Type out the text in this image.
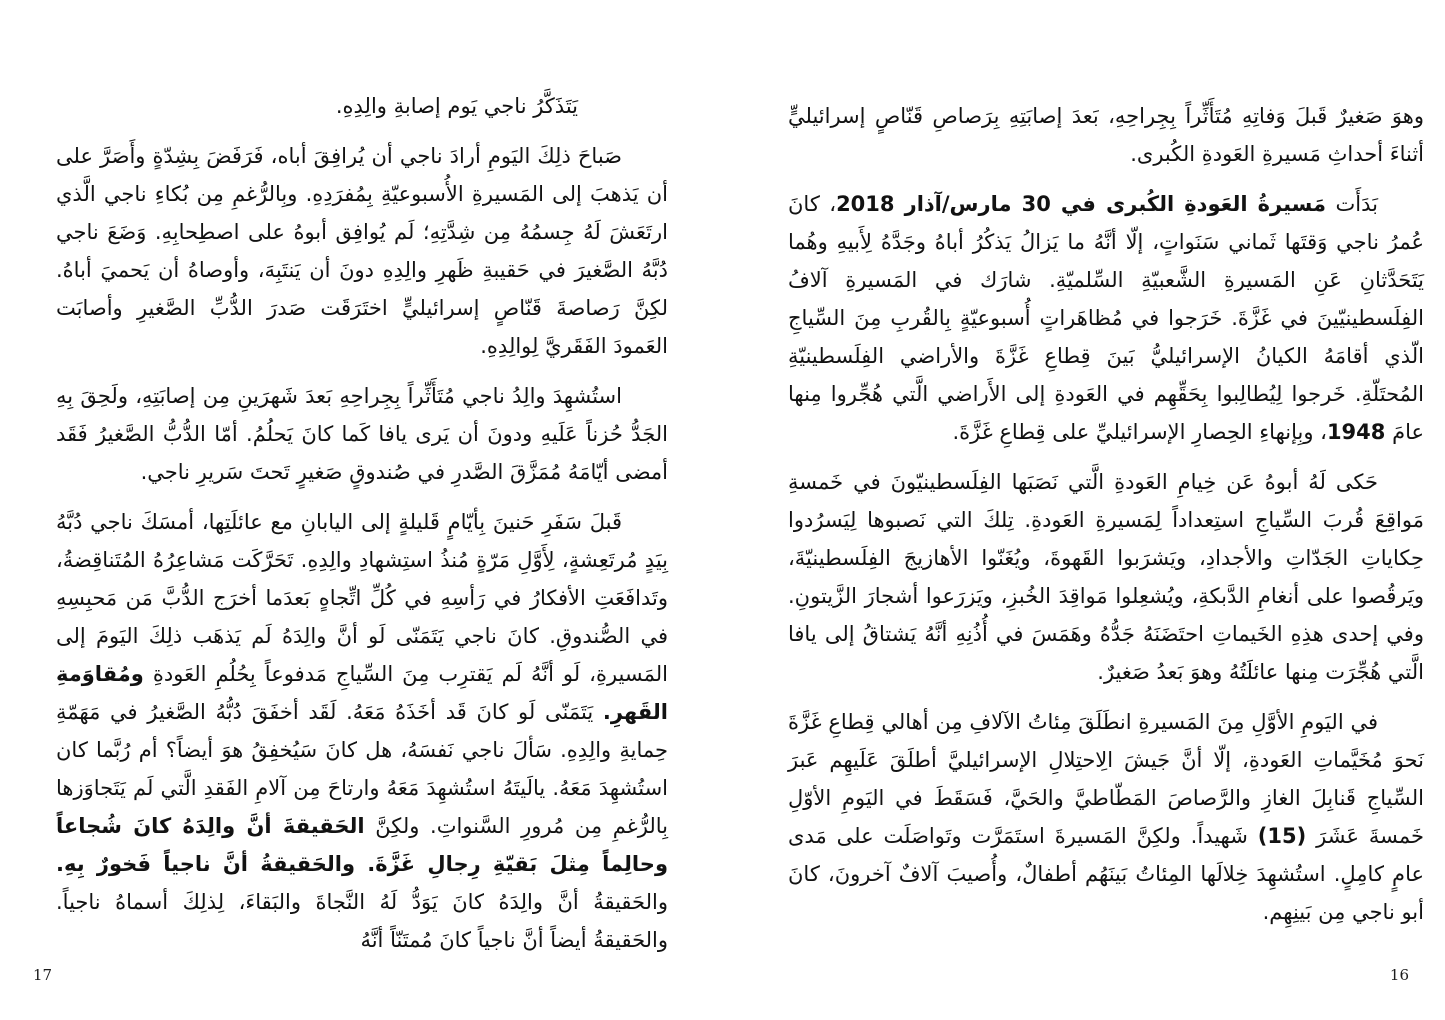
يَتَذَكَّرُ ناجي يَوم إصابةِ والِدِهِ.

صَباحَ ذلِكَ اليَومِ أرادَ ناجي أن يُرافِقَ أباه، فَرَفَضَ بِشِدّةٍ وأَصَرَّ على أن يَذهبَ إلى المَسيرةِ الأُسبوعيّةِ بِمُفرَدِهِ. وبِالرُّغمِ مِن بُكاءِ ناجي الَّذي ارتَعَشَ لَهُ جِسمُهُ مِن شِدَّتِهِ؛ لَم يُوافِق أبوهُ على اصطِحابِهِ. وَضَعَ ناجي دُبَّهُ الصَّغيرَ في حَقيبةِ ظَهرِ والِدِهِ دونَ أن يَنتَبِهَ، وأوصاهُ أن يَحميَ أباهُ. لكِنَّ رَصاصةَ قَنّاصٍ إسرائيليٍّ اختَرَقَت صَدرَ الدُّبِّ الصَّغيرِ وأصابَت العَمودَ الفَقَريَّ لِوالِدِهِ.

استُشهِدَ والِدُ ناجي مُتَأَثِّراً بِجِراحِهِ بَعدَ شَهرَينِ مِن إصابَتِهِ، ولَحِقَ بِهِ الجَدُّ حُزناً عَلَيهِ ودونَ أن يَرى يافا كَما كانَ يَحلُمُ. أمّا الدُّبُّ الصَّغيرُ فَقَد أمضى أيّامَهُ مُمَزَّقَ الصَّدرِ في صُندوقٍ صَغيرٍ تَحتَ سَريرِ ناجي.

قَبلَ سَفَرِ حَنينَ بِأيّامٍ قَليلةٍ إلى اليابانِ مع عائلَتِها، أمسَكَ ناجي دُبَّهُ بِيَدٍ مُرتَعِشةٍ، لِأَوَّلِ مَرّةٍ مُنذُ استِشهادِ والِدِهِ. تَحَرَّكَت مَشاعِرُهُ المُتَناقِضةُ، وتَدافَعَتِ الأفكارُ في رَأسِهِ في كُلِّ اتِّجاهٍ بَعدَما أخرَج الدُّبَّ مَن مَحبِسِهِ في الصُّندوقِ. كانَ ناجي يَتَمَنّى لَو أنَّ والِدَهُ لَم يَذهَب ذلِكَ اليَومَ إلى المَسيرةِ، لَو أنَّهُ لَم يَقترِب مِنَ السِّياجِ مَدفوعاً بِحُلُمِ العَودةِ ومُقاوَمةِ القَهرِ. يَتَمَنّى لَو كانَ قَد أخَذَهُ مَعَهُ. لَقَد أخفَقَ دُبُّهُ الصَّغيرُ في مَهَمّةِ حِمايةِ والِدِهِ. سَألَ ناجي نَفسَهُ، هل كانَ سَيُخفِقُ هوَ أيضاً؟ أم رُبَّما كان استُشهِدَ مَعَهُ. يالَيتَهُ استُشهِدَ مَعَهُ وارتاحَ مِن آلامِ الفَقدِ الَّتي لَم يَتَجاوَزها بِالرُّغمِ مِن مُرورِ السَّنواتِ. ولكِنَّ الحَقيقةَ أنَّ والِدَهُ كانَ شُجاعاً وحالِماً مِثلَ بَقيّةِ رِجالِ غَزَّةَ. والحَقيقةُ أنَّ ناجياً فَخورٌ بِهِ. والحَقيقةُ أنَّ والِدَهُ كانَ يَوَدُّ لَهُ النَّجاةَ والبَقاءَ، لِذلِكَ أسماهُ ناجياً. والحَقيقةُ أيضاً أنَّ ناجياً كانَ مُمتَنّاً أنَّهُ

17

وهوَ صَغيرٌ قَبلَ وَفاتِهِ مُتَأَثِّراً بِجِراحِهِ، بَعدَ إصابَتِهِ بِرَصاصِ قَنّاصٍ إسرائيليٍّ أثناءَ أحداثِ مَسيرةِ العَودةِ الكُبرى.

بَدَأَت مَسيرةُ العَودةِ الكُبرى في 30 مارس/آذار 2018، كانَ عُمرُ ناجي وَقتَها ثَماني سَنَواتٍ، إلّا أنَّهُ ما يَزالُ يَذكُرُ أباهُ وجَدَّهُ لِأَبيهِ وهُما يَتَحَدَّثانِ عَنِ المَسيرةِ الشَّعبيّةِ السِّلميّةِ. شارَك في المَسيرةِ آلافُ الفِلَسطينيّينَ في غَزَّةَ. خَرَجوا في مُظاهَراتٍ أُسبوعيّةٍ بِالقُربِ مِنَ السِّياجِ الّذي أقامَهُ الكيانُ الإسرائيليُّ بَينَ قِطاعِ غَزَّةَ والأراضي الفِلَسطينيّةِ المُحتَلّةِ. خَرجوا لِيُطالِبوا بِحَقِّهِم في العَودةِ إلى الأَراضي الَّتي هُجِّروا مِنها عامَ 1948، وبِإنهاءِ الحِصارِ الإسرائيليِّ على قِطاعِ غَزَّةَ.

حَكى لَهُ أبوهُ عَن خِيامِ العَودةِ الَّتي نَصَبَها الفِلَسطينيّونَ في خَمسةِ مَواقِعَ قُربَ السِّياجِ استِعداداً لِمَسيرةِ العَودةِ. تِلكَ التي نَصبوها لِيَسرُدوا حِكاياتِ الجَدّاتِ والأجدادِ، ويَشرَبوا القَهوةَ، ويُغَنّوا الأهازيجَ الفِلَسطينيّةَ، ويَرقُصوا على أنغامِ الدَّبكةِ، ويُشعِلوا مَواقِدَ الخُبزِ، ويَزرَعوا أشجارَ الزَّيتونِ. وفي إحدى هذِهِ الخَيماتِ احتَضَنَهُ جَدُّهُ وهَمَسَ في أُذُنِهِ أنَّهُ يَشتاقُ إلى يافا الَّتي هُجِّرَت مِنها عائلَتُهُ وهوَ بَعدُ صَغيرٌ.

في اليَومِ الأوَّلِ مِنَ المَسيرةِ انطَلَقَ مِئاتُ الآلافِ مِن أهالي قِطاعِ غَزَّةَ نَحوَ مُخَيَّماتِ العَودةِ، إلّا أنَّ جَيشَ الِاحتِلالِ الإسرائيليَّ أطلَقَ عَلَيهِم عَبرَ السِّياجِ قَنابِلَ الغازِ والرَّصاصَ المَطّاطيَّ والحَيَّ، فَسَقَطَ في اليَومِ الأوّلِ خَمسةَ عَشَرَ (15) شَهيداً. ولكِنَّ المَسيرةَ استَمَرَّت وتَواصَلَت على مَدى عامٍ كامِلٍ. استُشهِدَ خِلالَها المِئاتُ بَينَهُم أطفالٌ، وأُصيبَ آلافٌ آخرونَ، كانَ أبو ناجي مِن بَينِهِم.

16
